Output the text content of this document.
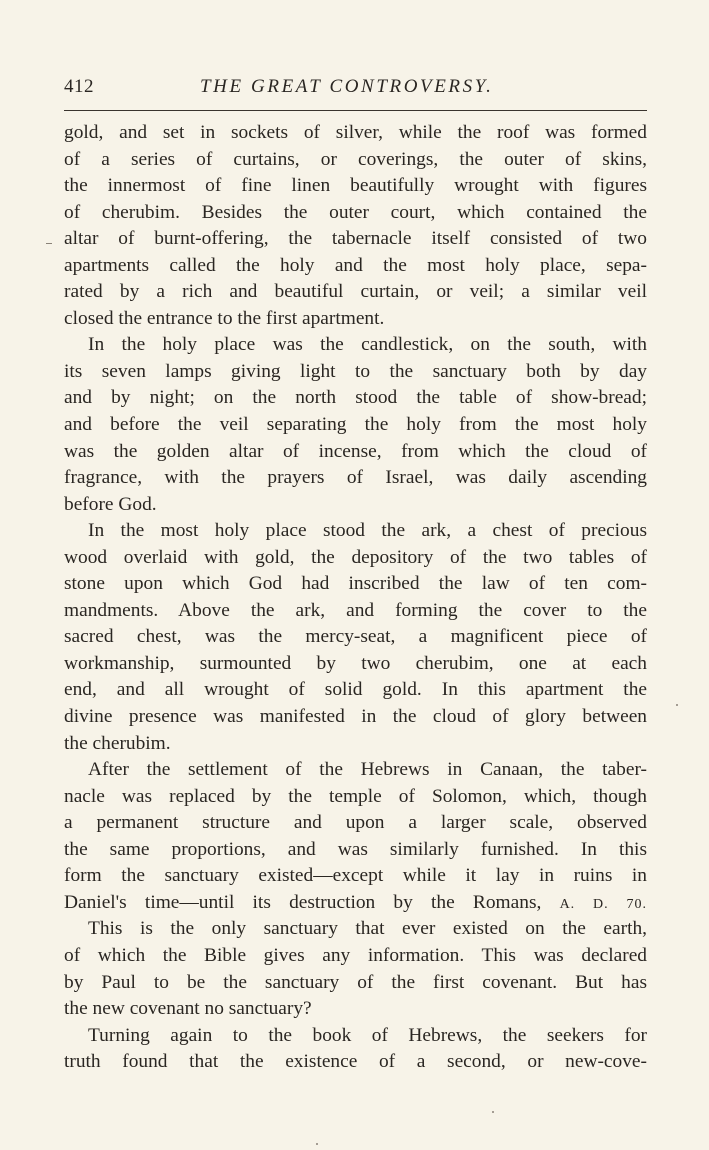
412	THE GREAT CONTROVERSY.
gold, and set in sockets of silver, while the roof was formed
of a series of curtains, or coverings, the outer of skins,
the innermost of fine linen beautifully wrought with figures
of cherubim. Besides the outer court, which contained the
altar of burnt-offering, the tabernacle itself consisted of two
apartments called the holy and the most holy place, sepa-
rated by a rich and beautiful curtain, or veil; a similar veil
closed the entrance to the first apartment.
In the holy place was the candlestick, on the south, with
its seven lamps giving light to the sanctuary both by day
and by night; on the north stood the table of show-bread;
and before the veil separating the holy from the most holy
was the golden altar of incense, from which the cloud of
fragrance, with the prayers of Israel, was daily ascending
before God.
In the most holy place stood the ark, a chest of precious
wood overlaid with gold, the depository of the two tables of
stone upon which God had inscribed the law of ten com-
mandments. Above the ark, and forming the cover to the
sacred chest, was the mercy-seat, a magnificent piece of
workmanship, surmounted by two cherubim, one at each
end, and all wrought of solid gold. In this apartment the
divine presence was manifested in the cloud of glory between
the cherubim.
After the settlement of the Hebrews in Canaan, the taber-
nacle was replaced by the temple of Solomon, which, though
a permanent structure and upon a larger scale, observed
the same proportions, and was similarly furnished. In this
form the sanctuary existed—except while it lay in ruins in
Daniel's time—until its destruction by the Romans, A. D. 70.
This is the only sanctuary that ever existed on the earth,
of which the Bible gives any information. This was declared
by Paul to be the sanctuary of the first covenant. But has
the new covenant no sanctuary?
Turning again to the book of Hebrews, the seekers for
truth found that the existence of a second, or new-cove-
